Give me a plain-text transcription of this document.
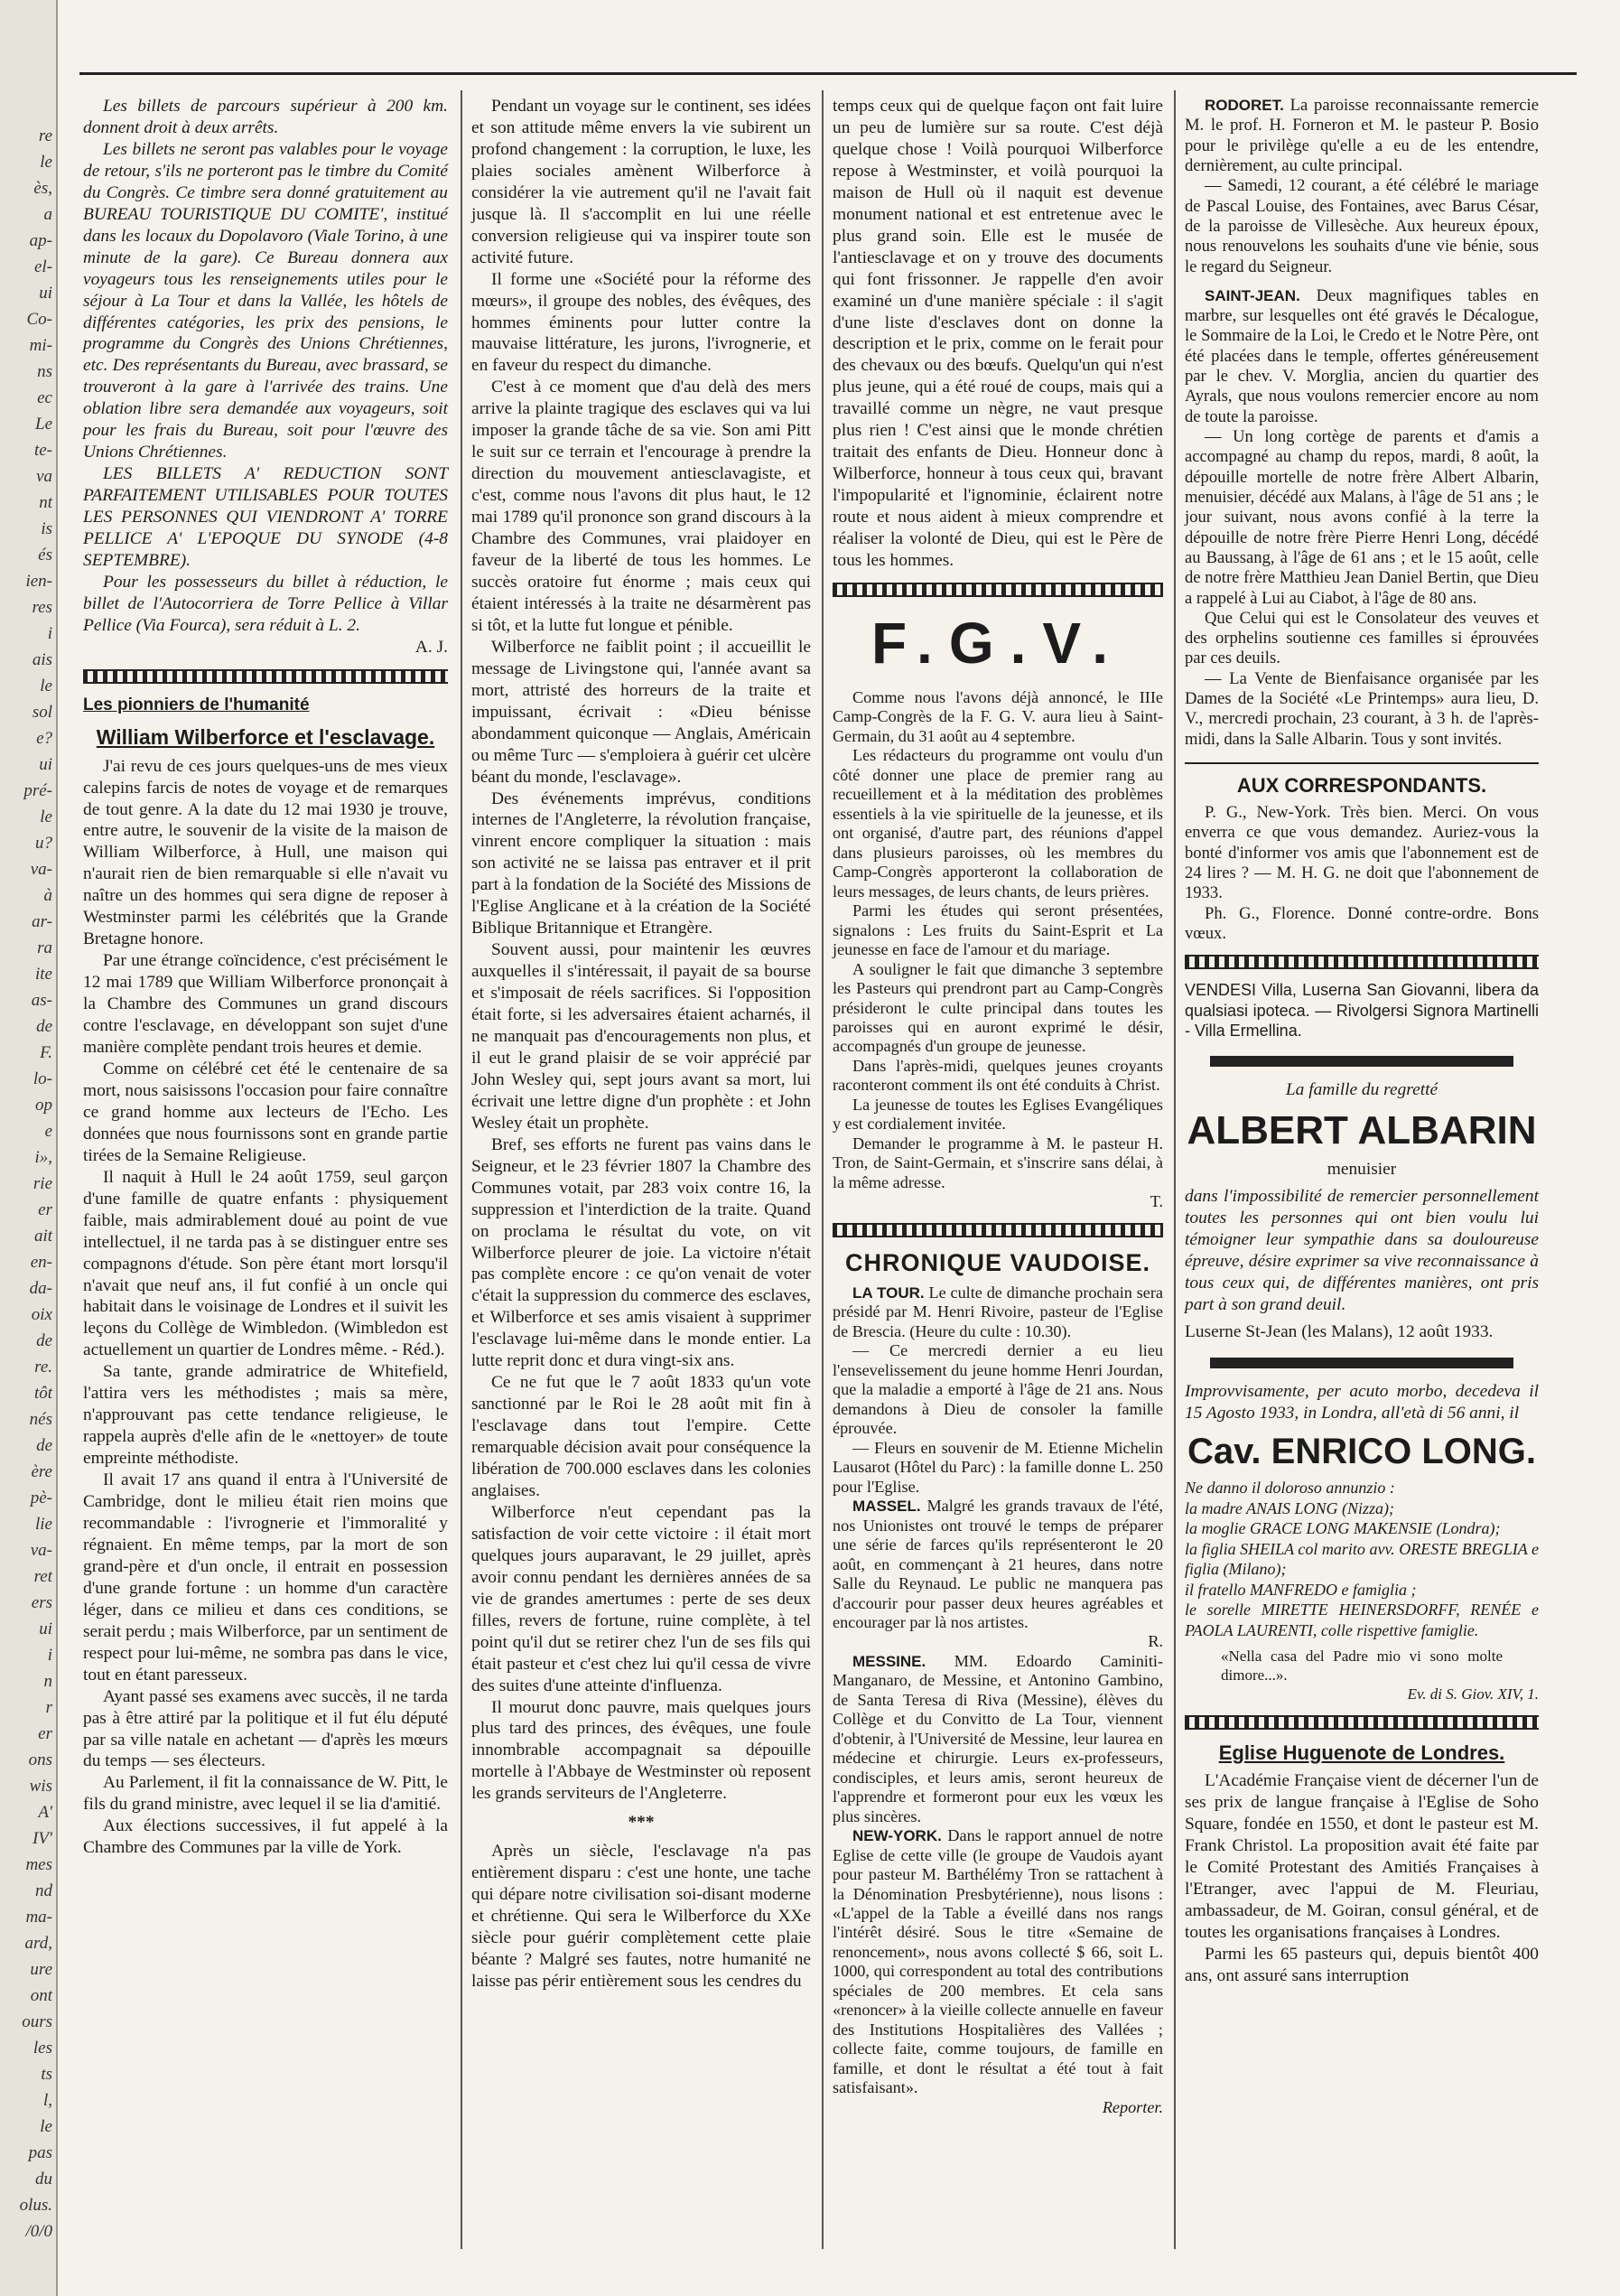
re
le
ès,
a
ap-
el-
ui
Co-
mi-
ns
ec
Le
te-
va
nt
is
és
ien-
res
i
ais
le
sol
e?
ui
pré-
le
u?
va-
à
ar-
ra
ite
as-
de
F.
lo-
op
e
i»,
rie
er
ait
en-
da-
oix
de
re.
tôt
nés
de
ère
pè-
lie
va-
ret
ers
ui
i
n
r
er
ons
wis
A'
IV'
mes
nd
ma-
ard,
ure
ont
ours
les
ts
l,
le
pas
du
olus.
/0/0

Les billets de parcours supérieur à 200 km. donnent droit à deux arrêts.

Les billets ne seront pas valables pour le voyage de retour, s'ils ne porteront pas le timbre du Comité du Congrès. Ce timbre sera donné gratuitement au BUREAU TOURISTIQUE DU COMITE', institué dans les locaux du Dopolavoro (Viale Torino, à une minute de la gare). Ce Bureau donnera aux voyageurs tous les renseignements utiles pour le séjour à La Tour et dans la Vallée, les hôtels de différentes catégories, les prix des pensions, le programme du Congrès des Unions Chrétiennes, etc. Des représentants du Bureau, avec brassard, se trouveront à la gare à l'arrivée des trains. Une oblation libre sera demandée aux voyageurs, soit pour les frais du Bureau, soit pour l'œuvre des Unions Chrétiennes.

LES BILLETS A' REDUCTION SONT PARFAITEMENT UTILISABLES POUR TOUTES LES PERSONNES QUI VIENDRONT A' TORRE PELLICE A' L'EPOQUE DU SYNODE (4-8 SEPTEMBRE).

Pour les possesseurs du billet à réduction, le billet de l'Autocorriera de Torre Pellice à Villar Pellice (Via Fourca), sera réduit à L. 2.

A. J.
Les pionniers de l'humanité
William Wilberforce et l'esclavage.

J'ai revu de ces jours quelques-uns de mes vieux calepins farcis de notes de voyage et de remarques de tout genre. A la date du 12 mai 1930 je trouve, entre autre, le souvenir de la visite de la maison de William Wilberforce, à Hull, une maison qui n'aurait rien de bien remarquable si elle n'avait vu naître un des hommes qui sera digne de reposer à Westminster parmi les célébrités que la Grande Bretagne honore.

Par une étrange coïncidence, c'est précisément le 12 mai 1789 que William Wilberforce prononçait à la Chambre des Communes un grand discours contre l'esclavage, en développant son sujet d'une manière complète pendant trois heures et demie.

Comme on célébré cet été le centenaire de sa mort, nous saisissons l'occasion pour faire connaître ce grand homme aux lecteurs de l'Echo. Les données que nous fournissons sont en grande partie tirées de la Semaine Religieuse.

Il naquit à Hull le 24 août 1759, seul garçon d'une famille de quatre enfants : physiquement faible, mais admirablement doué au point de vue intellectuel, il ne tarda pas à se distinguer entre ses compagnons d'étude. Son père étant mort lorsqu'il n'avait que neuf ans, il fut confié à un oncle qui habitait dans le voisinage de Londres et il suivit les leçons du Collège de Wimbledon. (Wimbledon est actuellement un quartier de Londres même. - Réd.).

Sa tante, grande admiratrice de Whitefield, l'attira vers les méthodistes ; mais sa mère, n'approuvant pas cette tendance religieuse, le rappela auprès d'elle afin de le «nettoyer» de toute empreinte méthodiste.

Il avait 17 ans quand il entra à l'Université de Cambridge, dont le milieu était rien moins que recommandable : l'ivrognerie et l'immoralité y régnaient. En même temps, par la mort de son grand-père et d'un oncle, il entrait en possession d'une grande fortune : un homme d'un caractère léger, dans ce milieu et dans ces conditions, se serait perdu ; mais Wilberforce, par un sentiment de respect pour lui-même, ne sombra pas dans le vice, tout en étant paresseux.

Ayant passé ses examens avec succès, il ne tarda pas à être attiré par la politique et il fut élu député par sa ville natale en achetant — d'après les mœurs du temps — ses électeurs.

Au Parlement, il fit la connaissance de W. Pitt, le fils du grand ministre, avec lequel il se lia d'amitié.

Aux élections successives, il fut appelé à la Chambre des Communes par la ville de York.

Pendant un voyage sur le continent, ses idées et son attitude même envers la vie subirent un profond changement : la corruption, le luxe, les plaies sociales amènent Wilberforce à considérer la vie autrement qu'il ne l'avait fait jusque là. Il s'accomplit en lui une réelle conversion religieuse qui va inspirer toute son activité future.

Il forme une «Société pour la réforme des mœurs», il groupe des nobles, des évêques, des hommes éminents pour lutter contre la mauvaise littérature, les jurons, l'ivrognerie, et en faveur du respect du dimanche.

C'est à ce moment que d'au delà des mers arrive la plainte tragique des esclaves qui va lui imposer la grande tâche de sa vie. Son ami Pitt le suit sur ce terrain et l'encourage à prendre la direction du mouvement antiesclavagiste, et c'est, comme nous l'avons dit plus haut, le 12 mai 1789 qu'il prononce son grand discours à la Chambre des Communes, vrai plaidoyer en faveur de la liberté de tous les hommes. Le succès oratoire fut énorme ; mais ceux qui étaient intéressés à la traite ne désarmèrent pas si tôt, et la lutte fut longue et pénible.

Wilberforce ne faiblit point ; il accueillit le message de Livingstone qui, l'année avant sa mort, attristé des horreurs de la traite et impuissant, écrivait : «Dieu bénisse abondamment quiconque — Anglais, Américain ou même Turc — s'emploiera à guérir cet ulcère béant du monde, l'esclavage».

Des événements imprévus, conditions internes de l'Angleterre, la révolution française, vinrent encore compliquer la situation : mais son activité ne se laissa pas entraver et il prit part à la fondation de la Société des Missions de l'Eglise Anglicane et à la création de la Société Biblique Britannique et Etrangère.

Souvent aussi, pour maintenir les œuvres auxquelles il s'intéressait, il payait de sa bourse et s'imposait de réels sacrifices. Si l'opposition était forte, si les adversaires étaient acharnés, il ne manquait pas d'encouragements non plus, et il eut le grand plaisir de se voir apprécié par John Wesley qui, sept jours avant sa mort, lui écrivait une lettre digne d'un prophète : et John Wesley était un prophète.

Bref, ses efforts ne furent pas vains dans le Seigneur, et le 23 février 1807 la Chambre des Communes votait, par 283 voix contre 16, la suppression et l'interdiction de la traite. Quand on proclama le résultat du vote, on vit Wilberforce pleurer de joie. La victoire n'était pas complète encore : ce qu'on venait de voter c'était la suppression du commerce des esclaves, et Wilberforce et ses amis visaient à supprimer l'esclavage lui-même dans le monde entier. La lutte reprit donc et dura vingt-six ans.

Ce ne fut que le 7 août 1833 qu'un vote sanctionné par le Roi le 28 août mit fin à l'esclavage dans tout l'empire. Cette remarquable décision avait pour conséquence la libération de 700.000 esclaves dans les colonies anglaises.

Wilberforce n'eut cependant pas la satisfaction de voir cette victoire : il était mort quelques jours auparavant, le 29 juillet, après avoir connu pendant les dernières années de sa vie de grandes amertumes : perte de ses deux filles, revers de fortune, ruine complète, à tel point qu'il dut se retirer chez l'un de ses fils qui était pasteur et c'est chez lui qu'il cessa de vivre des suites d'une atteinte d'influenza.

Il mourut donc pauvre, mais quelques jours plus tard des princes, des évêques, une foule innombrable accompagnait sa dépouille mortelle à l'Abbaye de Westminster où reposent les grands serviteurs de l'Angleterre.

***

Après un siècle, l'esclavage n'a pas entièrement disparu : c'est une honte, une tache qui dépare notre civilisation soi-disant moderne et chrétienne. Qui sera le Wilberforce du XXe siècle pour guérir complètement cette plaie béante ? Malgré ses fautes, notre humanité ne laisse pas périr entièrement sous les cendres du

temps ceux qui de quelque façon ont fait luire un peu de lumière sur sa route. C'est déjà quelque chose ! Voilà pourquoi Wilberforce repose à Westminster, et voilà pourquoi la maison de Hull où il naquit est devenue monument national et est entretenue avec le plus grand soin. Elle est le musée de l'antiesclavage et on y trouve des documents qui font frissonner. Je rappelle d'en avoir examiné un d'une manière spéciale : il s'agit d'une liste d'esclaves dont on donne la description et le prix, comme on le ferait pour des chevaux ou des bœufs. Quelqu'un qui n'est plus jeune, qui a été roué de coups, mais qui a travaillé comme un nègre, ne vaut presque plus rien ! C'est ainsi que le monde chrétien traitait des enfants de Dieu. Honneur donc à Wilberforce, honneur à tous ceux qui, bravant l'impopularité et l'ignominie, éclairent notre route et nous aident à mieux comprendre et réaliser la volonté de Dieu, qui est le Père de tous les hommes.

F.G.V.

Comme nous l'avons déjà annoncé, le IIIe Camp-Congrès de la F. G. V. aura lieu à Saint-Germain, du 31 août au 4 septembre.

Les rédacteurs du programme ont voulu d'un côté donner une place de premier rang au recueillement et à la méditation des problèmes essentiels à la vie spirituelle de la jeunesse, et ils ont organisé, d'autre part, des réunions d'appel dans plusieurs paroisses, où les membres du Camp-Congrès apporteront la collaboration de leurs messages, de leurs chants, de leurs prières.

Parmi les études qui seront présentées, signalons : Les fruits du Saint-Esprit et La jeunesse en face de l'amour et du mariage.

A souligner le fait que dimanche 3 septembre les Pasteurs qui prendront part au Camp-Congrès présideront le culte principal dans toutes les paroisses qui en auront exprimé le désir, accompagnés d'un groupe de jeunesse.

Dans l'après-midi, quelques jeunes croyants raconteront comment ils ont été conduits à Christ.

La jeunesse de toutes les Eglises Evangéliques y est cordialement invitée.

Demander le programme à M. le pasteur H. Tron, de Saint-Germain, et s'inscrire sans délai, à la même adresse.

T.
CHRONIQUE VAUDOISE.

LA TOUR. Le culte de dimanche prochain sera présidé par M. Henri Rivoire, pasteur de l'Eglise de Brescia. (Heure du culte : 10.30).

— Ce mercredi dernier a eu lieu l'ensevelissement du jeune homme Henri Jourdan, que la maladie a emporté à l'âge de 21 ans. Nous demandons à Dieu de consoler la famille éprouvée.

— Fleurs en souvenir de M. Etienne Michelin Lausarot (Hôtel du Parc) : la famille donne L. 250 pour l'Eglise.

MASSEL. Malgré les grands travaux de l'été, nos Unionistes ont trouvé le temps de préparer une série de farces qu'ils représenteront le 20 août, en commençant à 21 heures, dans notre Salle du Reynaud. Le public ne manquera pas d'accourir pour passer deux heures agréables et encourager par là nos artistes.

R.

MESSINE. MM. Edoardo Caminiti-Manganaro, de Messine, et Antonino Gambino, de Santa Teresa di Riva (Messine), élèves du Collège et du Convitto de La Tour, viennent d'obtenir, à l'Université de Messine, leur laurea en médecine et chirurgie. Leurs ex-professeurs, condisciples, et leurs amis, seront heureux de l'apprendre et formeront pour eux les vœux les plus sincères.

NEW-YORK. Dans le rapport annuel de notre Eglise de cette ville (le groupe de Vaudois ayant pour pasteur M. Barthélémy Tron se rattachent à la Dénomination Presbytérienne), nous lisons : «L'appel de la Table a éveillé dans nos rangs l'intérêt désiré. Sous le titre «Semaine de renoncement», nous avons collecté $ 66, soit L. 1000, qui correspondent au total des contributions spéciales de 200 membres. Et cela sans «renoncer» à la vieille collecte annuelle en faveur des Institutions Hospitalières des Vallées ; collecte faite, comme toujours, de famille en famille, et dont le résultat a été tout à fait satisfaisant».

Reporter.

RODORET. La paroisse reconnaissante remercie M. le prof. H. Forneron et M. le pasteur P. Bosio pour le privilège qu'elle a eu de les entendre, dernièrement, au culte principal.

— Samedi, 12 courant, a été célébré le mariage de Pascal Louise, des Fontaines, avec Barus César, de la paroisse de Villesèche. Aux heureux époux, nous renouvelons les souhaits d'une vie bénie, sous le regard du Seigneur.

SAINT-JEAN. Deux magnifiques tables en marbre, sur lesquelles ont été gravés le Décalogue, le Sommaire de la Loi, le Credo et le Notre Père, ont été placées dans le temple, offertes généreusement par le chev. V. Morglia, ancien du quartier des Ayrals, que nous voulons remercier encore au nom de toute la paroisse.

— Un long cortège de parents et d'amis a accompagné au champ du repos, mardi, 8 août, la dépouille mortelle de notre frère Albert Albarin, menuisier, décédé aux Malans, à l'âge de 51 ans ; le jour suivant, nous avons confié à la terre la dépouille de notre frère Pierre Henri Long, décédé au Baussang, à l'âge de 61 ans ; et le 15 août, celle de notre frère Matthieu Jean Daniel Bertin, que Dieu a rappelé à Lui au Ciabot, à l'âge de 80 ans.

Que Celui qui est le Consolateur des veuves et des orphelins soutienne ces familles si éprouvées par ces deuils.

— La Vente de Bienfaisance organisée par les Dames de la Société «Le Printemps» aura lieu, D. V., mercredi prochain, 23 courant, à 3 h. de l'après-midi, dans la Salle Albarin. Tous y sont invités.

AUX CORRESPONDANTS.

P. G., New-York. Très bien. Merci. On vous enverra ce que vous demandez. Auriez-vous la bonté d'informer vos amis que l'abonnement est de 24 lires ? — M. H. G. ne doit que l'abonnement de 1933.

Ph. G., Florence. Donné contre-ordre. Bons vœux.

VENDESI Villa, Luserna San Giovanni, libera da qualsiasi ipoteca. — Rivolgersi Signora Martinelli - Villa Ermellina.

La famille du regretté
ALBERT ALBARIN
menuisier

dans l'impossibilité de remercier personnellement toutes les personnes qui ont bien voulu lui témoigner leur sympathie dans sa douloureuse épreuve, désire exprimer sa vive reconnaissance à tous ceux qui, de différentes manières, ont pris part à son grand deuil.

Luserne St-Jean (les Malans), 12 août 1933.

Improvvisamente, per acuto morbo, decedeva il 15 Agosto 1933, in Londra, all'età di 56 anni, il

Cav. ENRICO LONG.
Ne danno il doloroso annunzio :
la madre ANAIS LONG (Nizza);
la moglie GRACE LONG MAKENSIE (Londra);
la figlia SHEILA col marito avv. ORESTE BREGLIA e figlia (Milano);
il fratello MANFREDO e famiglia ;
le sorelle MIRETTE HEINERSDORFF, RENÉE e PAOLA LAURENTI, colle rispettive famiglie.
«Nella casa del Padre mio vi sono molte dimore...».
Ev. di S. Giov. XIV, 1.
Eglise Huguenote de Londres.

L'Académie Française vient de décerner l'un de ses prix de langue française à l'Eglise de Soho Square, fondée en 1550, et dont le pasteur est M. Frank Christol. La proposition avait été faite par le Comité Protestant des Amitiés Françaises à l'Etranger, avec l'appui de M. Fleuriau, ambassadeur, de M. Goiran, consul général, et de toutes les organisations françaises à Londres.

Parmi les 65 pasteurs qui, depuis bientôt 400 ans, ont assuré sans interruption
